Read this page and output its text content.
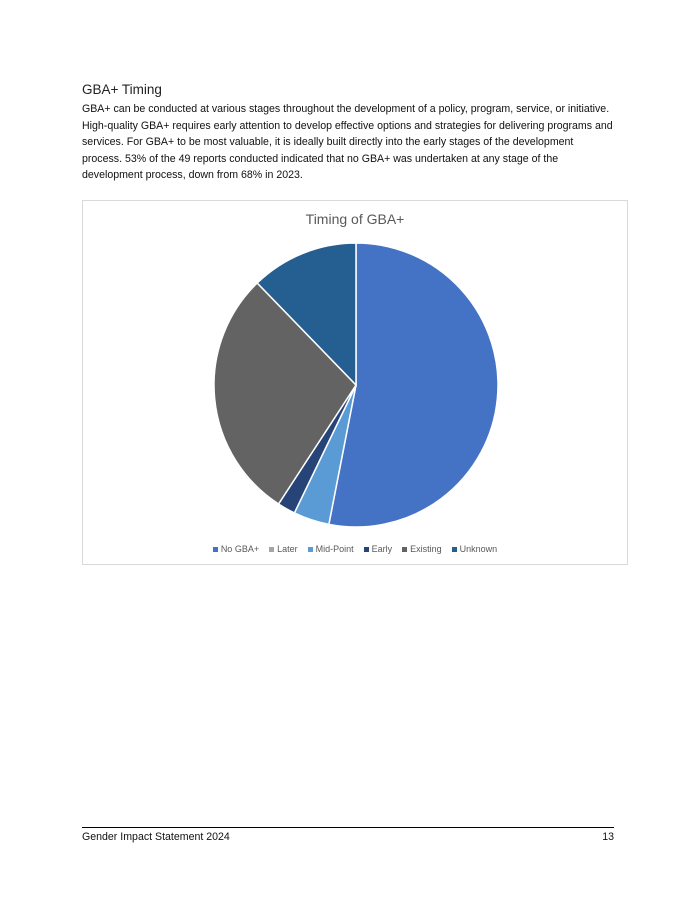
GBA+ Timing

GBA+ can be conducted at various stages throughout the development of a policy, program, service, or initiative. High-quality GBA+ requires early attention to develop effective options and strategies for delivering programs and services. For GBA+ to be most valuable, it is ideally built directly into the early stages of the development process. 53% of the 49 reports conducted indicated that no GBA+ was undertaken at any stage of the development process, down from 68% in 2023.

Timing of GBA+
No GBA+ Later Mid-Point Early Existing Unknown
Gender Impact Statement 2024	13
